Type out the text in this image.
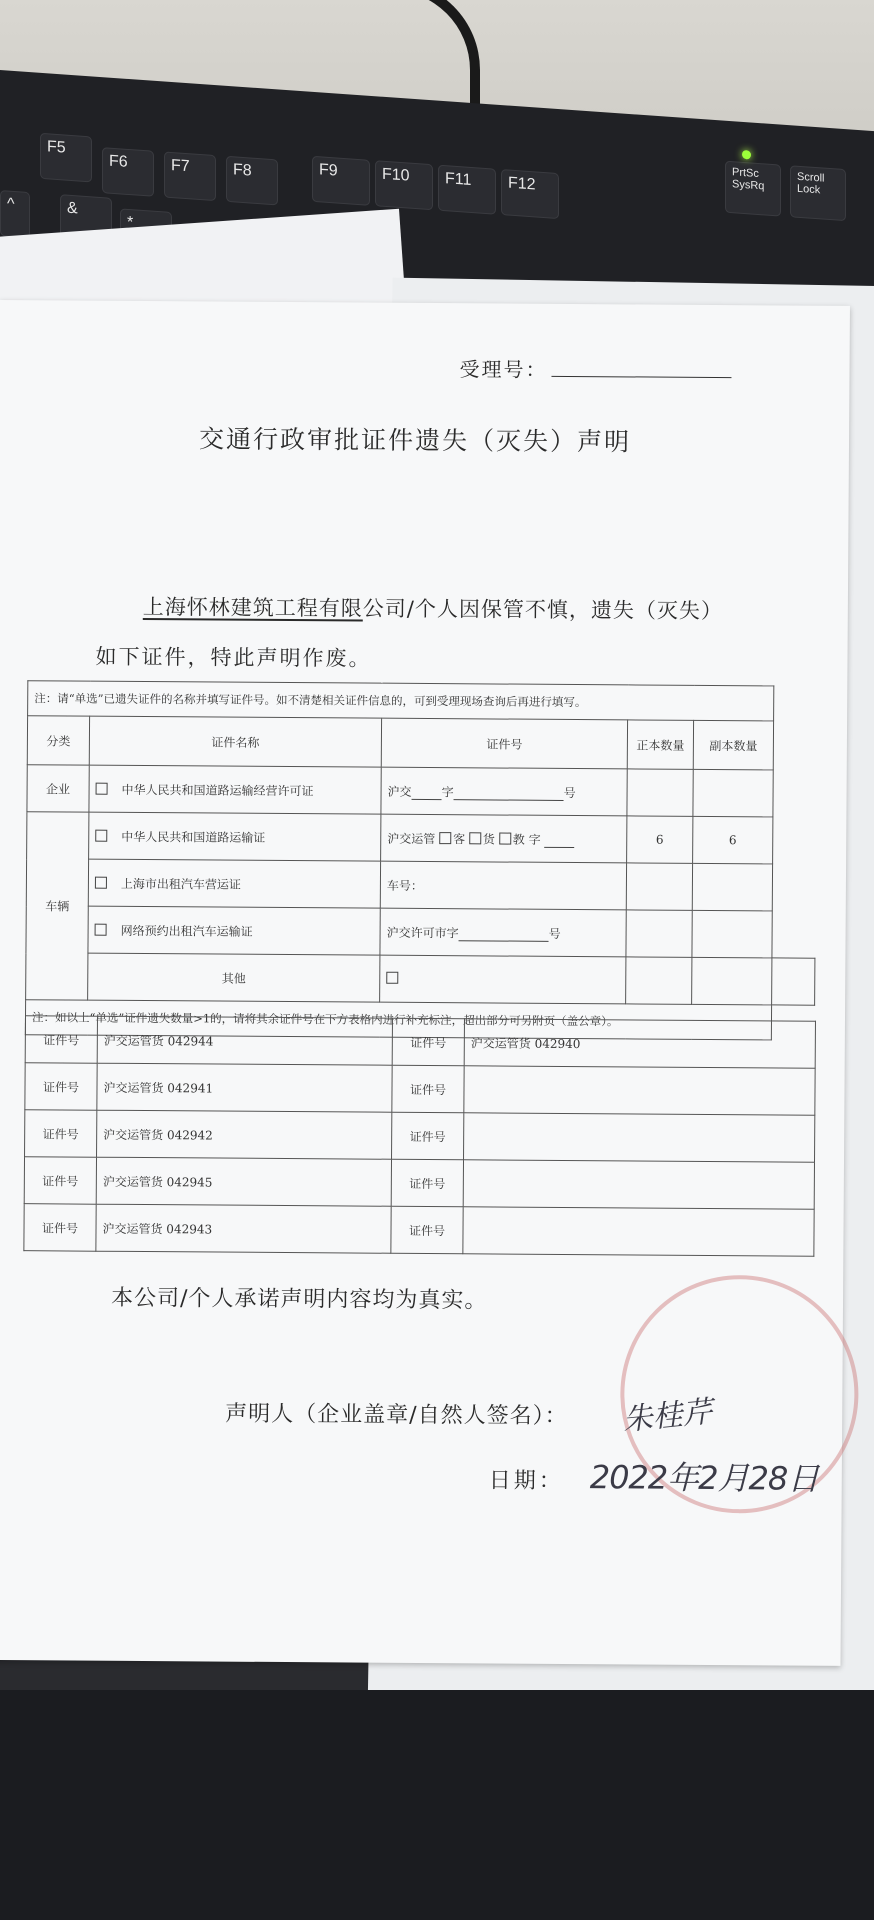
F5
F6	F7	F8	F9	F10	F11	F12
^	&
*
PrtSc
SysRq
Scroll
Lock
受理号：
交通行政审批证件遗失（灭失）声明
上海怀林建筑工程有限公司/个人因保管不慎，遗失（灭失）
如下证件，特此声明作废。
注：请“单选”已遗失证件的名称并填写证件号。如不清楚相关证件信息的，可到受理现场查询后再进行填写。					
分类	证件名称	证件号	正本数量	副本数量	
企业	中华人民共和国道路运输经营许可证	沪交 字 号			
车辆	中华人民共和国道路运输证	沪交运管 客 货 教 字	6	6	
	上海市出租汽车营运证	车号：			
	网络预约出租汽车运输证	沪交许可市字 号			
	其他				
注：如以上“单选”证件遗失数量>1的，请将其余证件号在下方表格内进行补充标注，超出部分可另附页（盖公章）。					
证件号	沪交运管货 042944	证件号	沪交运管货 042940
证件号	沪交运管货 042941	证件号	
证件号	沪交运管货 042942	证件号	
证件号	沪交运管货 042945	证件号	
证件号	沪交运管货 042943	证件号	
本公司/个人承诺声明内容均为真实。
声明人（企业盖章/自然人签名）： 朱桂芹
日期： 2022年2月28日
